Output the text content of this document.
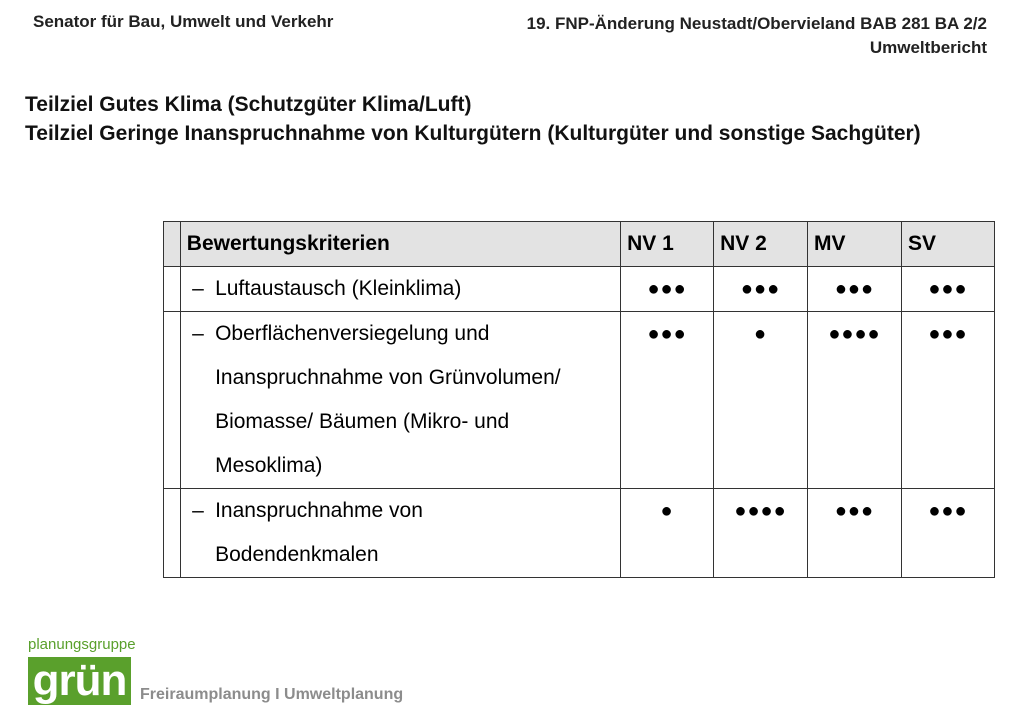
Senator für Bau, Umwelt und Verkehr	19. FNP-Änderung Neustadt/Obervieland BAB 281 BA 2/2
Umweltbericht
Teilziel Gutes Klima (Schutzgüter Klima/Luft)
Teilziel Geringe Inanspruchnahme von Kulturgütern (Kulturgüter und sonstige Sachgüter)
	Bewertungskriterien		NV 1	NV 2	MV	SV
	–	Luftaustausch (Kleinklima)	●●●	●●●	●●●	●●●
	–	Oberflächenversiegelung und
Inanspruchnahme von Grünvolumen/
Biomasse/ Bäumen (Mikro- und
Mesoklima)	●●●	●	●●●●	●●●
	–	Inanspruchnahme von
Bodendenkmalen	●	●●●●	●●●	●●●
planungsgruppe
grün Freiraumplanung I Umweltplanung
